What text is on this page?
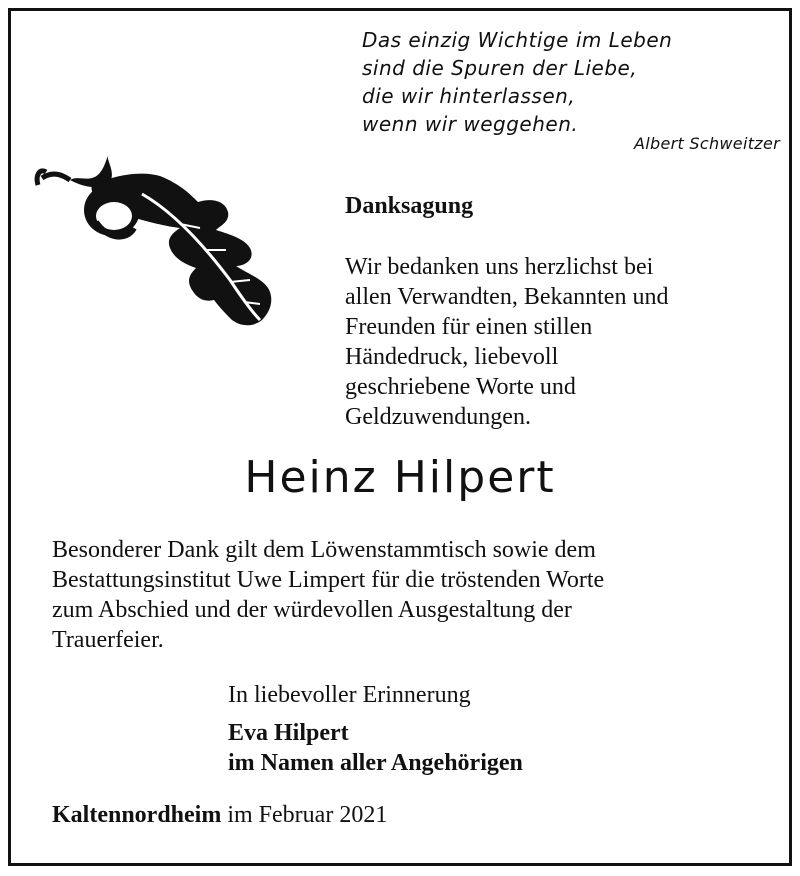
Das einzig Wichtige im Leben
sind die Spuren der Liebe,
die wir hinterlassen,
wenn wir weggehen.
Albert Schweitzer
Danksagung
Wir bedanken uns herzlichst bei
allen Verwandten, Bekannten und
Freunden für einen stillen
Händedruck, liebevoll
geschriebene Worte und
Geldzuwendungen.
Heinz Hilpert
Besonderer Dank gilt dem Löwenstammtisch sowie dem
Bestattungsinstitut Uwe Limpert für die tröstenden Worte
zum Abschied und der würdevollen Ausgestaltung der
Trauerfeier.
In liebevoller Erinnerung
Eva Hilpert
im Namen aller Angehörigen
Kaltennordheim im Februar 2021
